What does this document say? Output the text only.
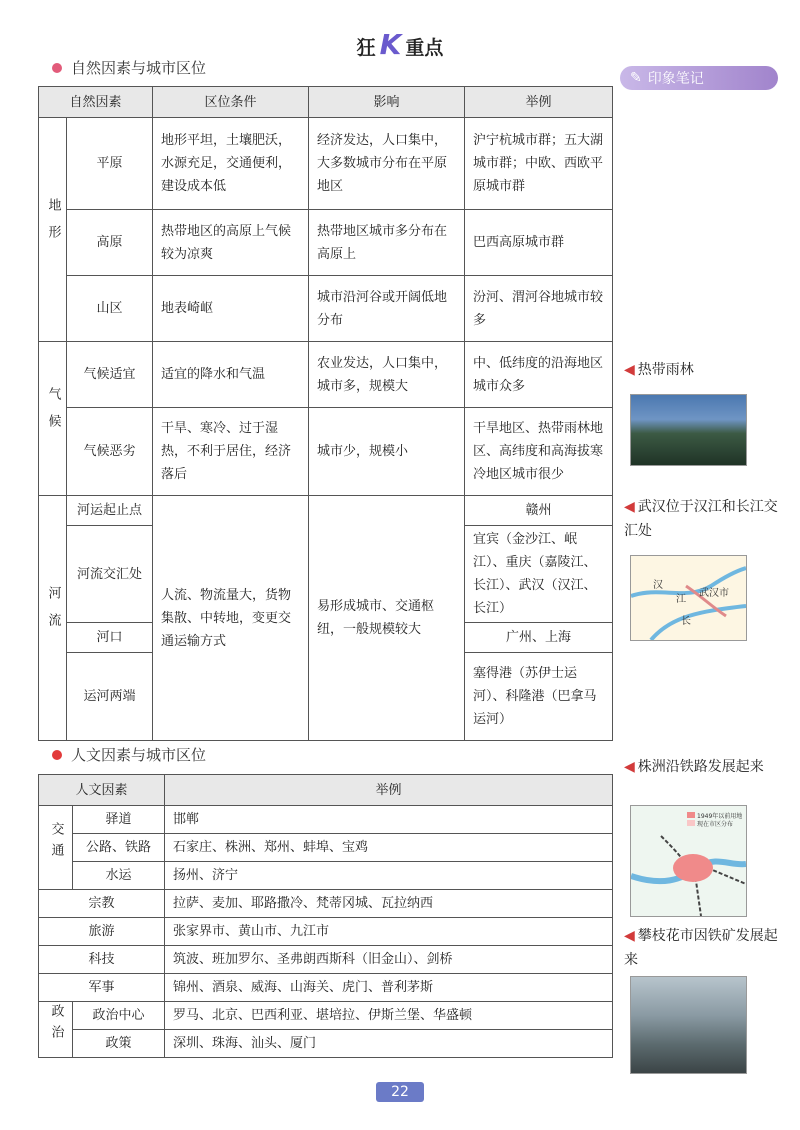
狂 K 重点
自然因素与城市区位
✎ 印象笔记
自然因素		区位条件	影响	举例
地形	平原	地形平坦，土壤肥沃，水源充足，交通便利，建设成本低	经济发达，人口集中，大多数城市分布在平原地区	沪宁杭城市群；五大湖城市群；中欧、西欧平原城市群
	高原	热带地区的高原上气候较为凉爽	热带地区城市多分布在高原上	巴西高原城市群
	山区	地表崎岖	城市沿河谷或开阔低地分布	汾河、渭河谷地城市较多
气候	气候适宜	适宜的降水和气温	农业发达，人口集中，城市多，规模大	中、低纬度的沿海地区城市众多
	气候恶劣	干旱、寒冷、过于湿热，不利于居住，经济落后	城市少，规模小	干旱地区、热带雨林地区、高纬度和高海拔寒冷地区城市很少
河流	河运起止点	人流、物流量大，货物集散、中转地，变更交通运输方式	易形成城市、交通枢纽，一般规模较大	赣州
	河流交汇处			宜宾（金沙江、岷江）、重庆（嘉陵江、长江）、武汉（汉江、长江）
	河口			广州、上海
	运河两端			塞得港（苏伊士运河）、科隆港（巴拿马运河）
人文因素与城市区位
人文因素		举例
交通	驿道	邯郸
	公路、铁路	石家庄、株洲、郑州、蚌埠、宝鸡
	水运	扬州、济宁
宗教		拉萨、麦加、耶路撒冷、梵蒂冈城、瓦拉纳西
旅游		张家界市、黄山市、九江市
科技		筑波、班加罗尔、圣弗朗西斯科（旧金山）、剑桥
军事		锦州、酒泉、威海、山海关、虎门、普利茅斯
政治	政治中心	罗马、北京、巴西利亚、堪培拉、伊斯兰堡、华盛顿
	政策	深圳、珠海、汕头、厦门
◀ 热带雨林
◀ 武汉位于汉江和长江交汇处
武汉市
汉
江
长
◀ 株洲沿铁路发展起来
1949年以前用地
现在市区分布
◀ 攀枝花市因铁矿发展起来
22
